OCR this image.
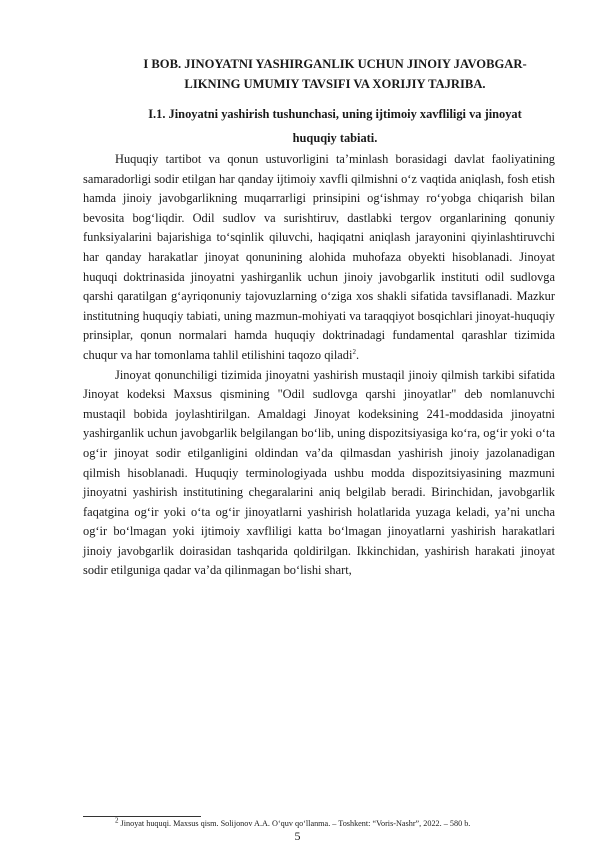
I BOB. JINOYATNI YASHIRGANLIK UCHUN JINOIY JAVOBGAR-
LIKNING UMUMIY TAVSIFI VA XORIJIY TAJRIBA.
I.1. Jinoyatni yashirish tushunchasi, uning ijtimoiy xavfliligi va jinoyat
huquqiy tabiati.

Huquqiy tartibot va qonun ustuvorligini ta’minlash borasidagi davlat faoliyatining samaradorligi sodir etilgan har qanday ijtimoiy xavfli qilmishni o‘z vaqtida aniqlash, fosh etish hamda jinoiy javobgarlikning muqarrarligi prinsipini og‘ishmay ro‘yobga chiqarish bilan bevosita bog‘liqdir. Odil sudlov va surishtiruv, dastlabki tergov organlarining qonuniy funksiyalarini bajarishiga to‘sqinlik qiluvchi, haqiqatni aniqlash jarayonini qiyinlashtiruvchi har qanday harakatlar jinoyat qonunining alohida muhofaza obyekti hisoblanadi. Jinoyat huquqi doktrinasida jinoyatni yashirganlik uchun jinoiy javobgarlik instituti odil sudlovga qarshi qaratilgan g‘ayriqonuniy tajovuzlarning o‘ziga xos shakli sifatida tavsiflanadi. Mazkur institutning huquqiy tabiati, uning mazmun-mohiyati va taraqqiyot bosqichlari jinoyat-huquqiy prinsiplar, qonun normalari hamda huquqiy doktrinadagi fundamental qarashlar tizimida chuqur va har tomonlama tahlil etilishini taqozo qiladi$^2$.

Jinoyat qonunchiligi tizimida jinoyatni yashirish mustaqil jinoiy qilmish tarkibi sifatida Jinoyat kodeksi Maxsus qismining "Odil sudlovga qarshi jinoyatlar" deb nomlanuvchi mustaqil bobida joylashtirilgan. Amaldagi Jinoyat kodeksining 241-moddasida jinoyatni yashirganlik uchun javobgarlik belgilangan bo‘lib, uning dispozitsiyasiga ko‘ra, og‘ir yoki o‘ta og‘ir jinoyat sodir etilganligini oldindan va’da qilmasdan yashirish jinoiy jazolanadigan qilmish hisoblanadi. Huquqiy terminologiyada ushbu modda dispozitsiyasining mazmuni jinoyatni yashirish institutining chegaralarini aniq belgilab beradi. Birinchidan, javobgarlik faqatgina og‘ir yoki o‘ta og‘ir jinoyatlarni yashirish holatlarida yuzaga keladi, ya’ni uncha og‘ir bo‘lmagan yoki ijtimoiy xavfliligi katta bo‘lmagan jinoyatlarni yashirish harakatlari jinoiy javobgarlik doirasidan tashqarida qoldirilgan. Ikkinchidan, yashirish harakati jinoyat sodir etilguniga qadar va’da qilinmagan bo‘lishi shart,

$^2$ Jinoyat huquqi. Maxsus qism. Solijonov A.A. O‘quv qo‘llanma. – Toshkent: “Voris-Nashr”, 2022. – 580 b.
5
